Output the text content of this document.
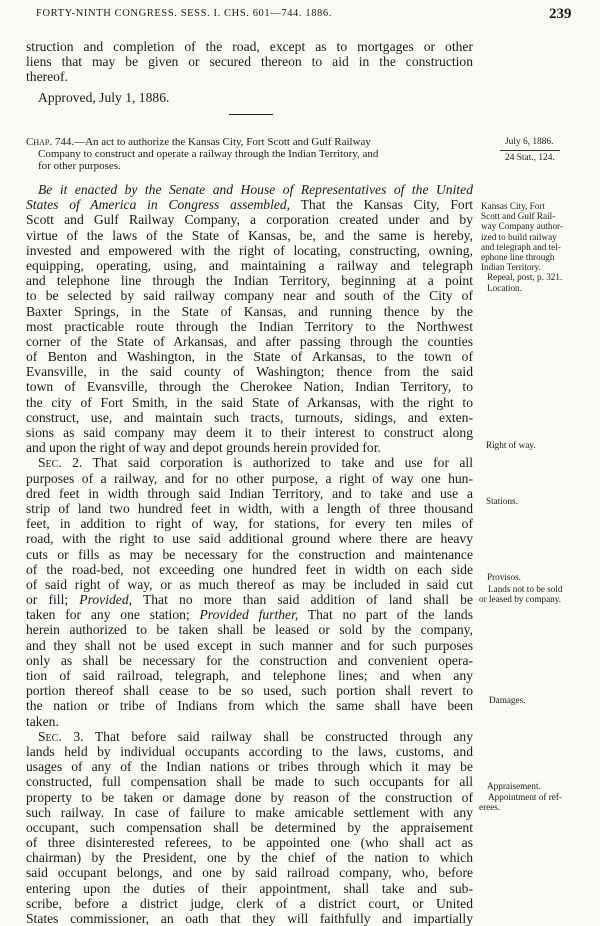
FORTY-NINTH CONGRESS. SESS. I. CHS. 601—744. 1886.	239
struction and completion of the road, except as to mortgages or other
liens that may be given or secured thereon to aid in the construction
thereof.
Approved, July 1, 1886.
Chap. 744.—An act to authorize the Kansas City, Fort Scott and Gulf Railway
Company to construct and operate a railway through the Indian Territory, and
for other purposes.
July 6, 1886.
24 Stat., 124.
Be it enacted by the Senate and House of Representatives of the United
States of America in Congress assembled, That the Kansas City, Fort
Scott and Gulf Railway Company, a corporation created under and by
virtue of the laws of the State of Kansas, be, and the same is hereby,
invested and empowered with the right of locating, constructing, owning,
equipping, operating, using, and maintaining a railway and telegraph
and telephone line through the Indian Territory, beginning at a point
to be selected by said railway company near and south of the City of
Baxter Springs, in the State of Kansas, and running thence by the
most practicable route through the Indian Territory to the Northwest
corner of the State of Arkansas, and after passing through the counties
of Benton and Washington, in the State of Arkansas, to the town of
Evansville, in the said county of Washington; thence from the said
town of Evansville, through the Cherokee Nation, Indian Territory, to
the city of Fort Smith, in the said State of Arkansas, with the right to
construct, use, and maintain such tracts, turnouts, sidings, and exten-
sions as said company may deem it to their interest to construct along
and upon the right of way and depot grounds herein provided for.
Sec. 2. That said corporation is authorized to take and use for all
purposes of a railway, and for no other purpose, a right of way one hun-
dred feet in width through said Indian Territory, and to take and use a
strip of land two hundred feet in width, with a length of three thousand
feet, in addition to right of way, for stations, for every ten miles of
road, with the right to use said additional ground where there are heavy
cuts or fills as may be necessary for the construction and maintenance
of the road-bed, not exceeding one hundred feet in width on each side
of said right of way, or as much thereof as may be included in said cut
or fill; Provided, That no more than said addition of land shall be
taken for any one station; Provided further, That no part of the lands
herein authorized to be taken shall be leased or sold by the company,
and they shall not be used except in such manner and for such purposes
only as shall be necessary for the construction and convenient opera-
tion of said railroad, telegraph, and telephone lines; and when any
portion thereof shall cease to be so used, such portion shall revert to
the nation or tribe of Indians from which the same shall have been
taken.
Sec. 3. That before said railway shall be constructed through any
lands held by individual occupants according to the laws, customs, and
usages of any of the Indian nations or tribes through which it may be
constructed, full compensation shall be made to such occupants for all
property to be taken or damage done by reason of the construction of
such railway. In case of failure to make amicable settlement with any
occupant, such compensation shall be determined by the appraisement
of three disinterested referees, to be appointed one (who shall act as
chairman) by the President, one by the chief of the nation to which
said occupant belongs, and one by said railroad company, who, before
entering upon the duties of their appointment, shall take and sub-
scribe, before a district judge, clerk of a district court, or United
States commissioner, an oath that they will faithfully and impartially
Kansas City, Fort
Scott and Gulf Rail-
way Company author-
ized to build railway
and telegraph and tel-
ephone line through
Indian Territory.
Repeal, post, p. 321.
Location.
Right of way.
Stations.
Provisos.
Lands not to be sold
or leased by company.
Damages.
Appraisement.
Appointment of ref-
erees.
